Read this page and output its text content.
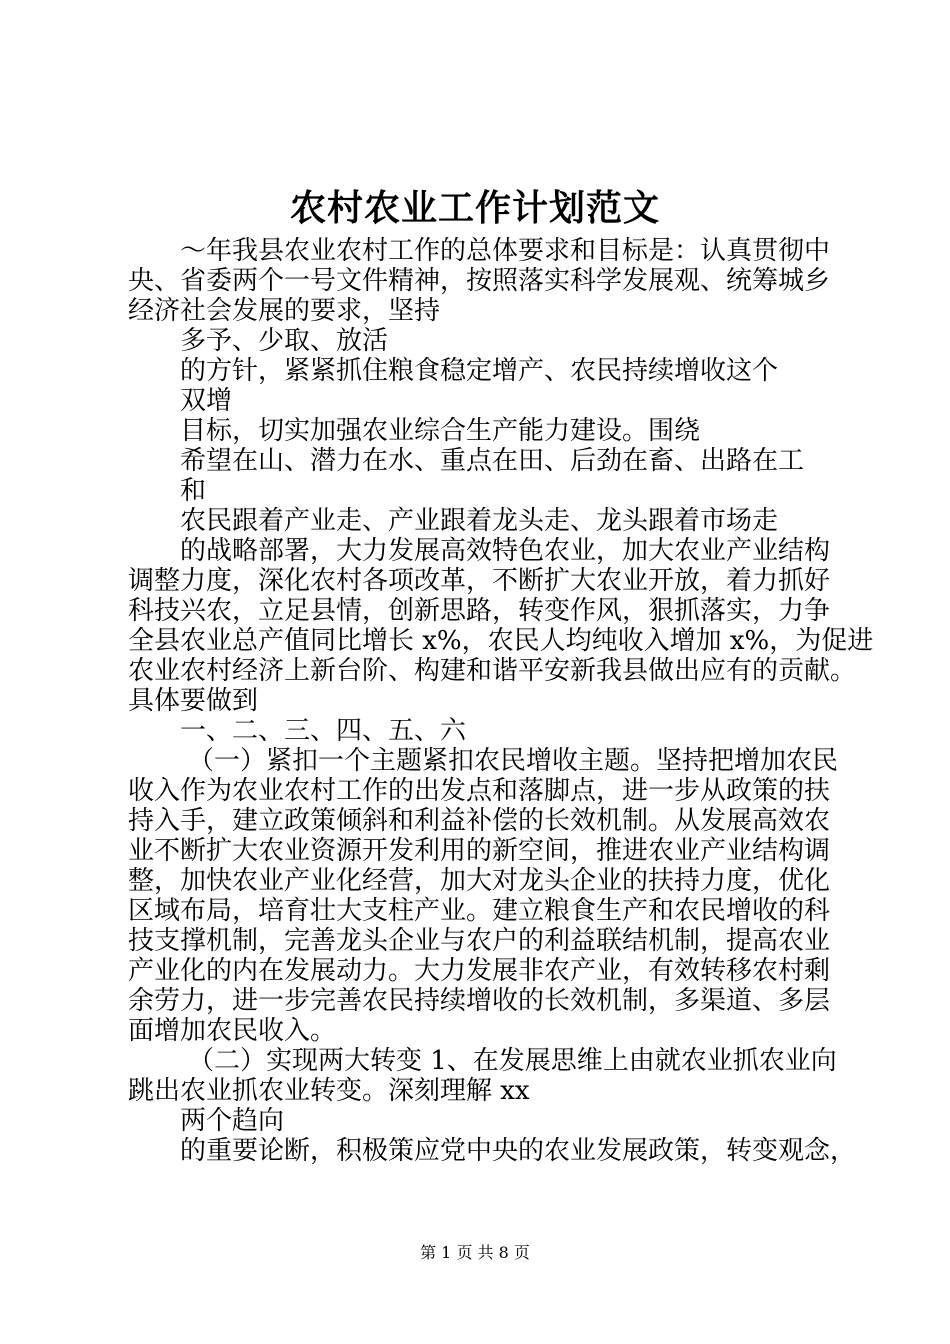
农村农业工作计划范文
～年我县农业农村工作的总体要求和目标是：认真贯彻中
央、省委两个一号文件精神，按照落实科学发展观、统筹城乡
经济社会发展的要求，坚持
多予、少取、放活
的方针，紧紧抓住粮食稳定增产、农民持续增收这个
双增
目标，切实加强农业综合生产能力建设。围绕
希望在山、潜力在水、重点在田、后劲在畜、出路在工
和
农民跟着产业走、产业跟着龙头走、龙头跟着市场走
的战略部署，大力发展高效特色农业，加大农业产业结构
调整力度，深化农村各项改革，不断扩大农业开放，着力抓好
科技兴农，立足县情，创新思路，转变作风，狠抓落实，力争
全县农业总产值同比增长 x%，农民人均纯收入增加 x%，为促进
农业农村经济上新台阶、构建和谐平安新我县做出应有的贡献。
具体要做到
一、二、三、四、五、六
（一）紧扣一个主题紧扣农民增收主题。坚持把增加农民
收入作为农业农村工作的出发点和落脚点，进一步从政策的扶
持入手，建立政策倾斜和利益补偿的长效机制。从发展高效农
业不断扩大农业资源开发利用的新空间，推进农业产业结构调
整，加快农业产业化经营，加大对龙头企业的扶持力度，优化
区域布局，培育壮大支柱产业。建立粮食生产和农民增收的科
技支撑机制，完善龙头企业与农户的利益联结机制，提高农业
产业化的内在发展动力。大力发展非农产业，有效转移农村剩
余劳力，进一步完善农民持续增收的长效机制，多渠道、多层
面增加农民收入。
（二）实现两大转变 1、在发展思维上由就农业抓农业向
跳出农业抓农业转变。深刻理解 xx
两个趋向
的重要论断，积极策应党中央的农业发展政策，转变观念，
第 1 页 共 8 页
